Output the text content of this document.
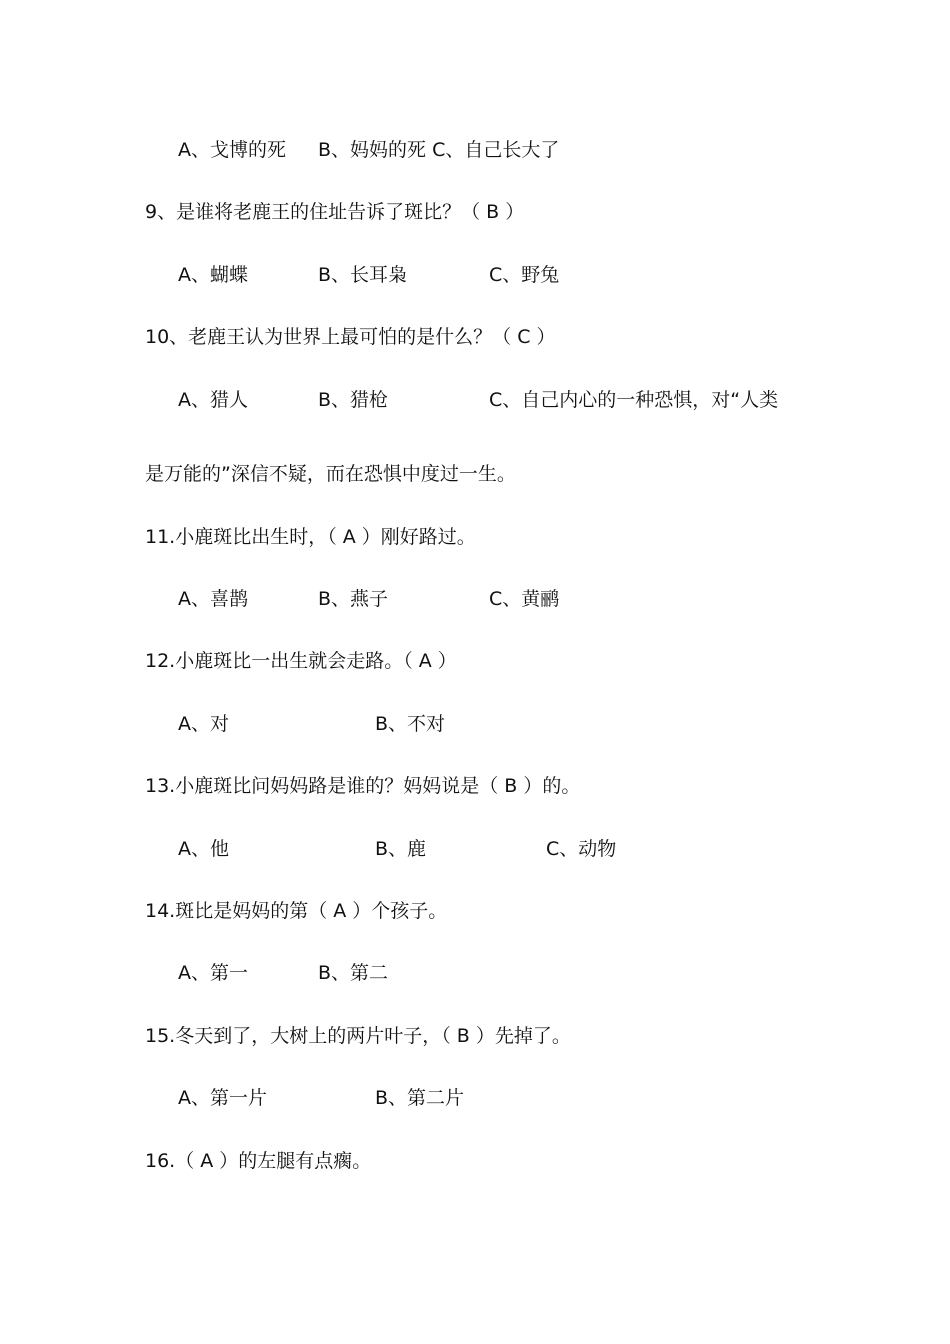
A、戈博的死 B、妈妈的死 C、自己长大了
9、是谁将老鹿王的住址告诉了斑比？（ B ）
A、蝴蝶	B、长耳枭	C、野兔
10、老鹿王认为世界上最可怕的是什么？（ C ）
A、猎人	B、猎枪	C、自己内心的一种恐惧，对“人类
是万能的”深信不疑，而在恐惧中度过一生。
11.小鹿斑比出生时，（ A ）刚好路过。
A、喜鹊	B、燕子	C、黄鹂
12.小鹿斑比一出生就会走路。（ A ）
A、对	B、不对
13.小鹿斑比问妈妈路是谁的？妈妈说是（ B ）的。
A、他	B、鹿	C、动物
14.斑比是妈妈的第（ A ）个孩子。
A、第一	B、第二
15.冬天到了，大树上的两片叶子，（ B ）先掉了。
A、第一片	B、第二片
16.（ A ）的左腿有点瘸。
